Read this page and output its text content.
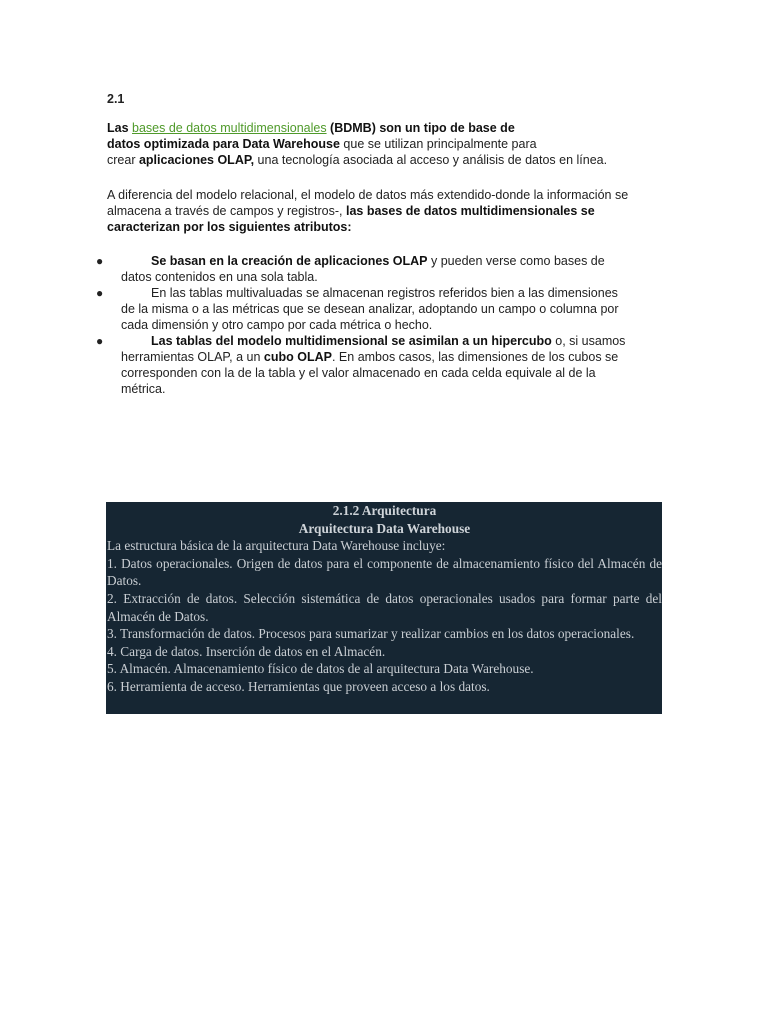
2.1
Las bases de datos multidimensionales (BDMB) son un tipo de base de
datos optimizada para Data Warehouse que se utilizan principalmente para
crear aplicaciones OLAP, una tecnología asociada al acceso y análisis de datos en línea.
A diferencia del modelo relacional, el modelo de datos más extendido-donde la información se
almacena a través de campos y registros-, las bases de datos multidimensionales se
caracterizan por los siguientes atributos:
●	Se basan en la creación de aplicaciones OLAP y pueden verse como bases de

datos contenidos en una sola tabla.

●	En las tablas multivaluadas se almacenan registros referidos bien a las dimensiones

de la misma o a las métricas que se desean analizar, adoptando un campo o columna por

cada dimensión y otro campo por cada métrica o hecho.

●	Las tablas del modelo multidimensional se asimilan a un hipercubo o, si usamos

herramientas OLAP, a un cubo OLAP. En ambos casos, las dimensiones de los cubos se

corresponden con la de la tabla y el valor almacenado en cada celda equivale al de la

métrica.

2.1.2 Arquitectura
Arquitectura Data Warehouse
La estructura básica de la arquitectura Data Warehouse incluye:
1. Datos operacionales. Origen de datos para el componente de almacenamiento físico del Almacén de Datos.
2. Extracción de datos. Selección sistemática de datos operacionales usados para formar parte del Almacén de Datos.
3. Transformación de datos. Procesos para sumarizar y realizar cambios en los datos operacionales.
4. Carga de datos. Inserción de datos en el Almacén.
5. Almacén. Almacenamiento físico de datos de al arquitectura Data Warehouse.
6. Herramienta de acceso. Herramientas que proveen acceso a los datos.
